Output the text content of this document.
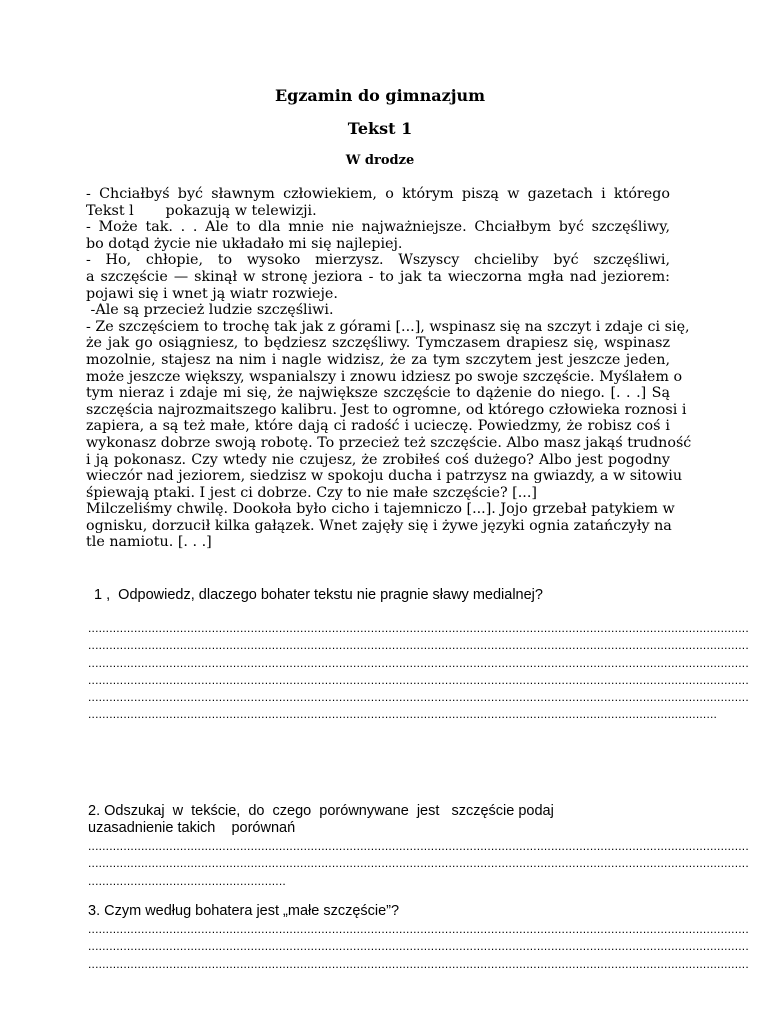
Egzamin do gimnazjum
Tekst 1
W drodze
- Chciałbyś być sławnym człowiekiem, o którym piszą w gazetach i którego
Tekst l       pokazują w telewizji.
- Może tak. . . Ale to dla mnie nie najważniejsze. Chciałbym być szczęśliwy,
bo dotąd życie nie układało mi się najlepiej.
- Ho, chłopie, to wysoko mierzysz. Wszyscy chcieliby być szczęśliwi,
a szczęście — skinął w stronę jeziora - to jak ta wieczorna mgła nad jeziorem:
pojawi się i wnet ją wiatr rozwieje.
-Ale są przecież ludzie szczęśliwi.
- Ze szczęściem to trochę tak jak z górami [...], wspinasz się na szczyt i zdaje ci się,
że jak go osiągniesz, to będziesz szczęśliwy. Tymczasem drapiesz się, wspinasz
mozolnie, stajesz na nim i nagle widzisz, że za tym szczytem jest jeszcze jeden,
może jeszcze większy, wspanialszy i znowu idziesz po swoje szczęście. Myślałem o
tym nieraz i zdaje mi się, że największe szczęście to dążenie do niego. [. . .] Są
szczęścia najrozmaitszego kalibru. Jest to ogromne, od którego człowieka roznosi i
zapiera, a są też małe, które dają ci radość i ucieczę. Powiedzmy, że robisz coś i
wykonasz dobrze swoją robotę. To przecież też szczęście. Albo masz jakąś trudność
i ją pokonasz. Czy wtedy nie czujesz, że zrobiłeś coś dużego? Albo jest pogodny
wieczór nad jeziorem, siedzisz w spokoju ducha i patrzysz na gwiazdy, a w sitowiu
śpiewają ptaki. I jest ci dobrze. Czy to nie małe szczęście? [...]
Milczeliśmy chwilę. Dookoła było cicho i tajemniczo [...]. Jojo grzebał patykiem w
ognisku, dorzucił kilka gałązek. Wnet zajęły się i żywe języki ognia zatańczyły na
tle namiotu. [. . .]
1 ,  Odpowiedz, dlaczego bohater tekstu nie pragnie sławy medialnej?
...........................................................................................................................................................................................
...........................................................................................................................................................................................
...........................................................................................................................................................................................
...........................................................................................................................................................................................
...........................................................................................................................................................................................
..................................................................................................................................................................................
2. Odszukaj  w  tekście,  do  czego  porównywane  jest   szczęście podaj
uzasadnienie takich    porównań
...........................................................................................................................................................................................
...........................................................................................................................................................................................
........................................................
3. Czym według bohatera jest „małe szczęście”?
...........................................................................................................................................................................................
...........................................................................................................................................................................................
...........................................................................................................................................................................................
